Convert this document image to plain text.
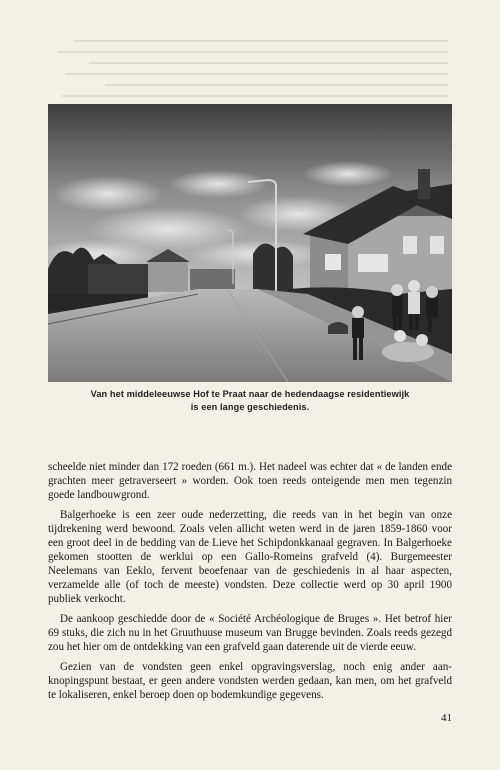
Van het middeleeuwse Hof te Praat naar de hedendaagse residentiewijk
is een lange geschiedenis.

scheelde niet minder dan 172 roeden (661 m.). Het nadeel was echter dat « de landen ende grachten meer getraverseert » worden. Ook toen reeds onteigende men men tegenzin goede landbouwgrond.

Balgerhoeke is een zeer oude nederzetting, die reeds van in het begin van onze tijdrekening werd bewoond. Zoals velen allicht weten werd in de jaren 1859-1860 voor een groot deel in de bedding van de Lieve het Schipdonkkanaal gegraven. In Balgerhoeke gekomen stootten de werklui op een Gallo-Romeins grafveld (4). Burgemeester Neelemans van Eeklo, fervent beoefenaar van de geschiedenis in al haar aspecten, verzamelde alle (of toch de meeste) vondsten. Deze collectie werd op 30 april 1900 publiek verkocht.

De aankoop geschiedde door de « Société Archéologique de Bruges ». Het betrof hier 69 stuks, die zich nu in het Gruuthuuse museum van Brugge bevinden. Zoals reeds gezegd zou het hier om de ontdekking van een grafveld gaan daterende uit de vierde eeuw.

Gezien van de vondsten geen enkel opgravingsverslag, noch enig ander aanknopingspunt bestaat, er geen andere vondsten werden gedaan, kan men, om het grafveld te lokaliseren, enkel beroep doen op bodemkundige gegevens.

41
